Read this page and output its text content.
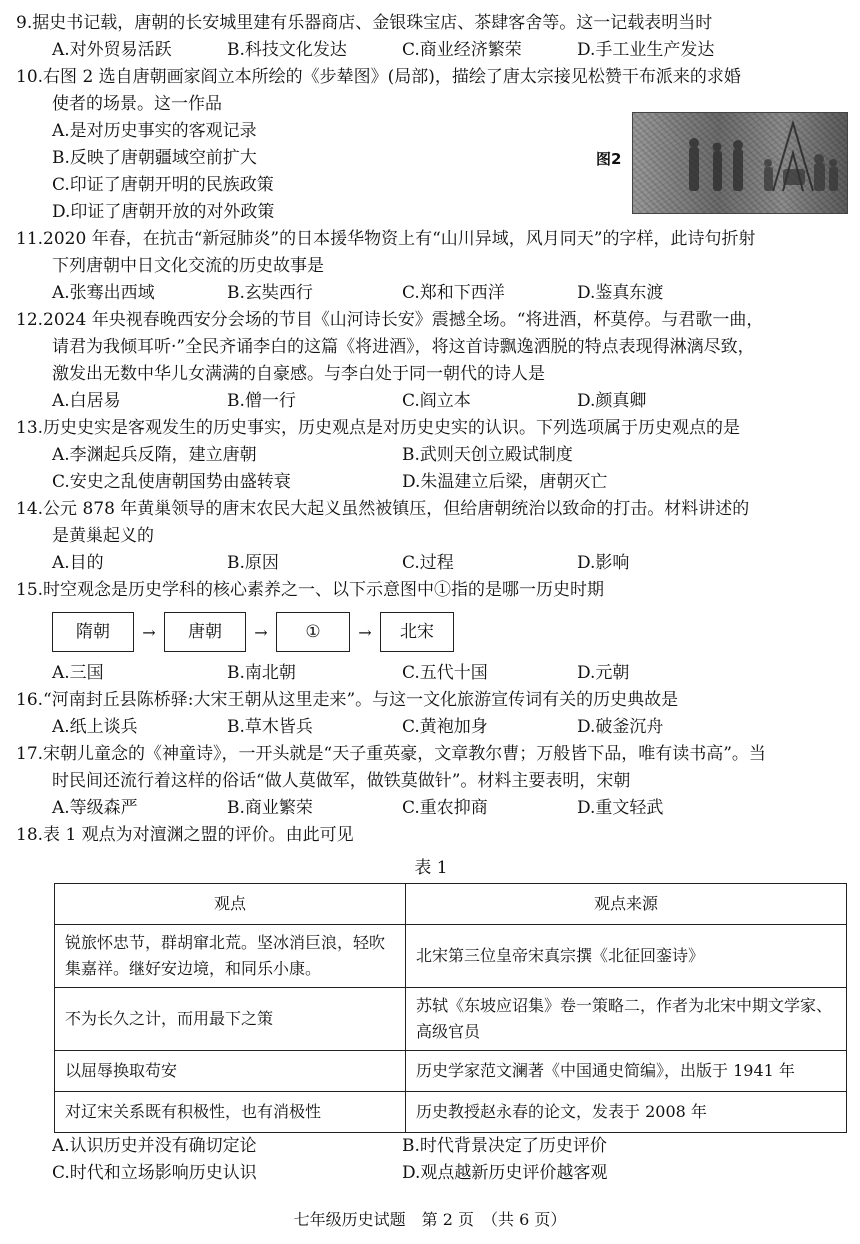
9.据史书记载，唐朝的长安城里建有乐器商店、金银珠宝店、茶肆客舍等。这一记载表明当时
A.对外贸易活跃	B.科技文化发达	C.商业经济繁荣	D.手工业生产发达
10.右图 2 选自唐朝画家阎立本所绘的《步辇图》(局部)，描绘了唐太宗接见松赞干布派来的求婚
使者的场景。这一作品
A.是对历史事实的客观记录
B.反映了唐朝疆域空前扩大
C.印证了唐朝开明的民族政策
D.印证了唐朝开放的对外政策
图2
11.2020 年春，在抗击“新冠肺炎”的日本援华物资上有“山川异域，风月同天”的字样，此诗句折射
下列唐朝中日文化交流的历史故事是
A.张骞出西域	B.玄奘西行	C.郑和下西洋	D.鉴真东渡
12.2024 年央视春晚西安分会场的节目《山河诗长安》震撼全场。“将进酒，杯莫停。与君歌一曲，
请君为我倾耳听·”全民齐诵李白的这篇《将进酒》，将这首诗飘逸洒脱的特点表现得淋漓尽致，
激发出无数中华儿女满满的自豪感。与李白处于同一朝代的诗人是
A.白居易	B.僧一行	C.阎立本	D.颜真卿
13.历史史实是客观发生的历史事实，历史观点是对历史史实的认识。下列选项属于历史观点的是
A.李渊起兵反隋，建立唐朝	B.武则天创立殿试制度
C.安史之乱使唐朝国势由盛转衰	D.朱温建立后梁，唐朝灭亡
14.公元 878 年黄巢领导的唐末农民大起义虽然被镇压，但给唐朝统治以致命的打击。材料讲述的
是黄巢起义的
A.目的	B.原因	C.过程	D.影响
15.时空观念是历史学科的核心素养之一、以下示意图中①指的是哪一历史时期
隋朝	→	唐朝	→	①	→	北宋
A.三国	B.南北朝	C.五代十国	D.元朝
16.“河南封丘县陈桥驿:大宋王朝从这里走来”。与这一文化旅游宣传词有关的历史典故是
A.纸上谈兵	B.草木皆兵	C.黄袍加身	D.破釜沉舟
17.宋朝儿童念的《神童诗》，一开头就是“天子重英豪，文章教尔曹；万般皆下品，唯有读书高”。当
时民间还流行着这样的俗话“做人莫做军，做铁莫做针”。材料主要表明，宋朝
A.等级森严	B.商业繁荣	C.重农抑商	D.重文轻武
18.表 1 观点为对澶渊之盟的评价。由此可见
表 1
观点	观点来源
锐旅怀忠节，群胡窜北荒。坚冰消巨浪，轻吹集嘉祥。继好安边境，和同乐小康。	北宋第三位皇帝宋真宗撰《北征回銮诗》
不为长久之计，而用最下之策	苏轼《东坡应诏集》卷一策略二，作者为北宋中期文学家、高级官员
以屈辱换取苟安	历史学家范文澜著《中国通史简编》，出版于 1941 年
对辽宋关系既有积极性，也有消极性	历史教授赵永春的论文，发表于 2008 年
A.认识历史并没有确切定论	B.时代背景决定了历史评价
C.时代和立场影响历史认识	D.观点越新历史评价越客观
七年级历史试题　第 2 页　（共 6 页）
